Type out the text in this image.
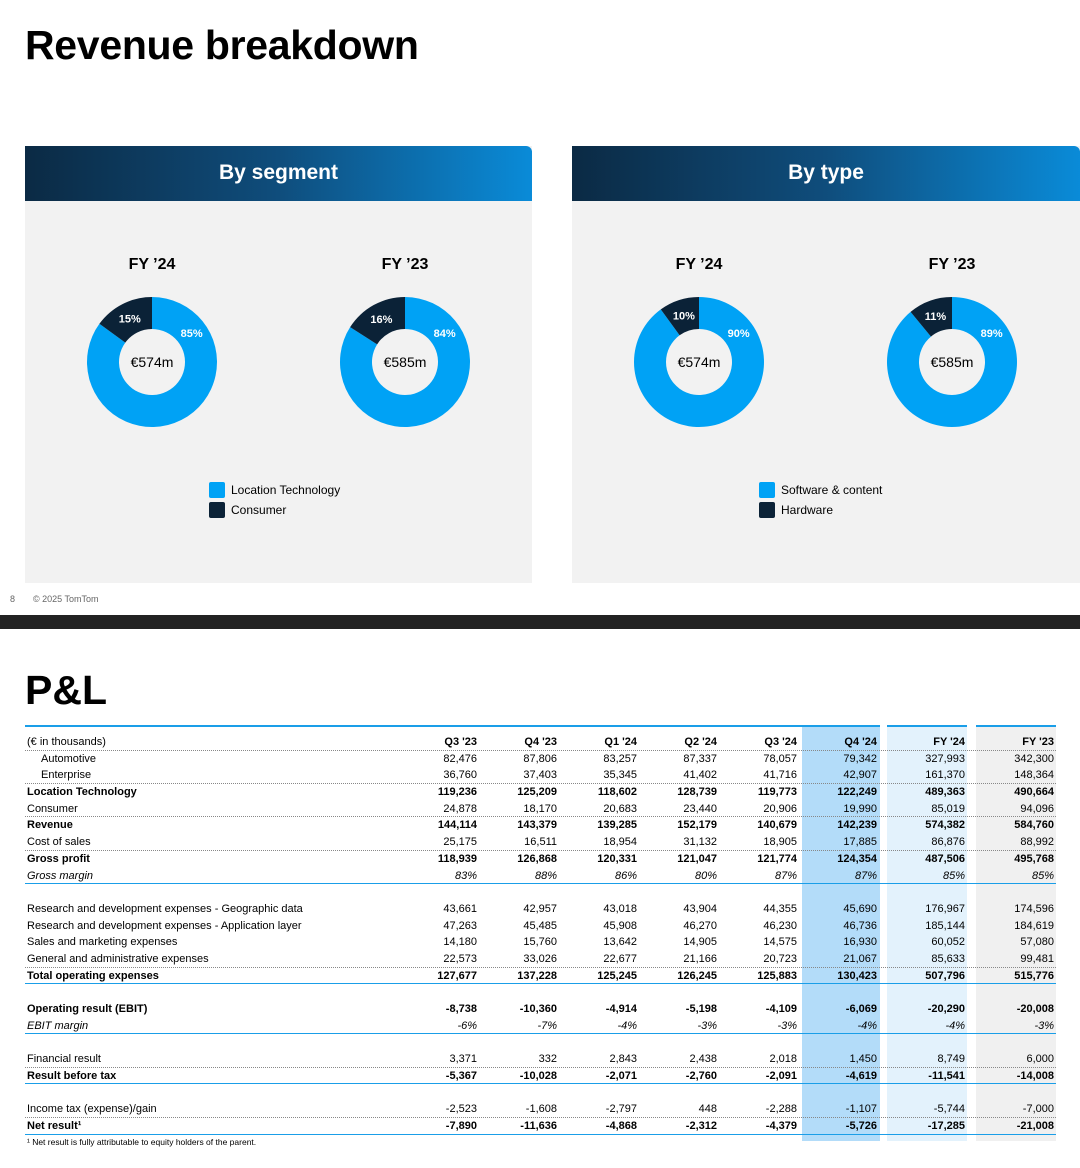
Revenue breakdown
By segment
FY ’24
15%
85%
€574m
FY ’23
16%
84%
€585m
Location Technology
Consumer
By type
FY ’24
10%
90%
€574m
FY ’23
11%
89%
€585m
Software & content
Hardware
8 © 2025 TomTom
P&L
(€ in thousands)	Q3 '23	Q4 '23	Q1 '24	Q2 '24	Q3 '24	Q4 '24	FY '24	FY '23
Automotive	82,476	87,806	83,257	87,337	78,057	79,342	327,993	342,300
Enterprise	36,760	37,403	35,345	41,402	41,716	42,907	161,370	148,364
Location Technology	119,236	125,209	118,602	128,739	119,773	122,249	489,363	490,664
Consumer	24,878	18,170	20,683	23,440	20,906	19,990	85,019	94,096
Revenue	144,114	143,379	139,285	152,179	140,679	142,239	574,382	584,760
Cost of sales	25,175	16,511	18,954	31,132	18,905	17,885	86,876	88,992
Gross profit	118,939	126,868	120,331	121,047	121,774	124,354	487,506	495,768
Gross margin	83%	88%	86%	80%	87%	87%	85%	85%
Research and development expenses - Geographic data	43,661	42,957	43,018	43,904	44,355	45,690	176,967	174,596
Research and development expenses - Application layer	47,263	45,485	45,908	46,270	46,230	46,736	185,144	184,619
Sales and marketing expenses	14,180	15,760	13,642	14,905	14,575	16,930	60,052	57,080
General and administrative expenses	22,573	33,026	22,677	21,166	20,723	21,067	85,633	99,481
Total operating expenses	127,677	137,228	125,245	126,245	125,883	130,423	507,796	515,776
Operating result (EBIT)	-8,738	-10,360	-4,914	-5,198	-4,109	-6,069	-20,290	-20,008
EBIT margin	-6%	-7%	-4%	-3%	-3%	-4%	-4%	-3%
Financial result	3,371	332	2,843	2,438	2,018	1,450	8,749	6,000
Result before tax	-5,367	-10,028	-2,071	-2,760	-2,091	-4,619	-11,541	-14,008
Income tax (expense)/gain	-2,523	-1,608	-2,797	448	-2,288	-1,107	-5,744	-7,000
Net result¹	-7,890	-11,636	-4,868	-2,312	-4,379	-5,726	-17,285	-21,008
¹ Net result is fully attributable to equity holders of the parent.
